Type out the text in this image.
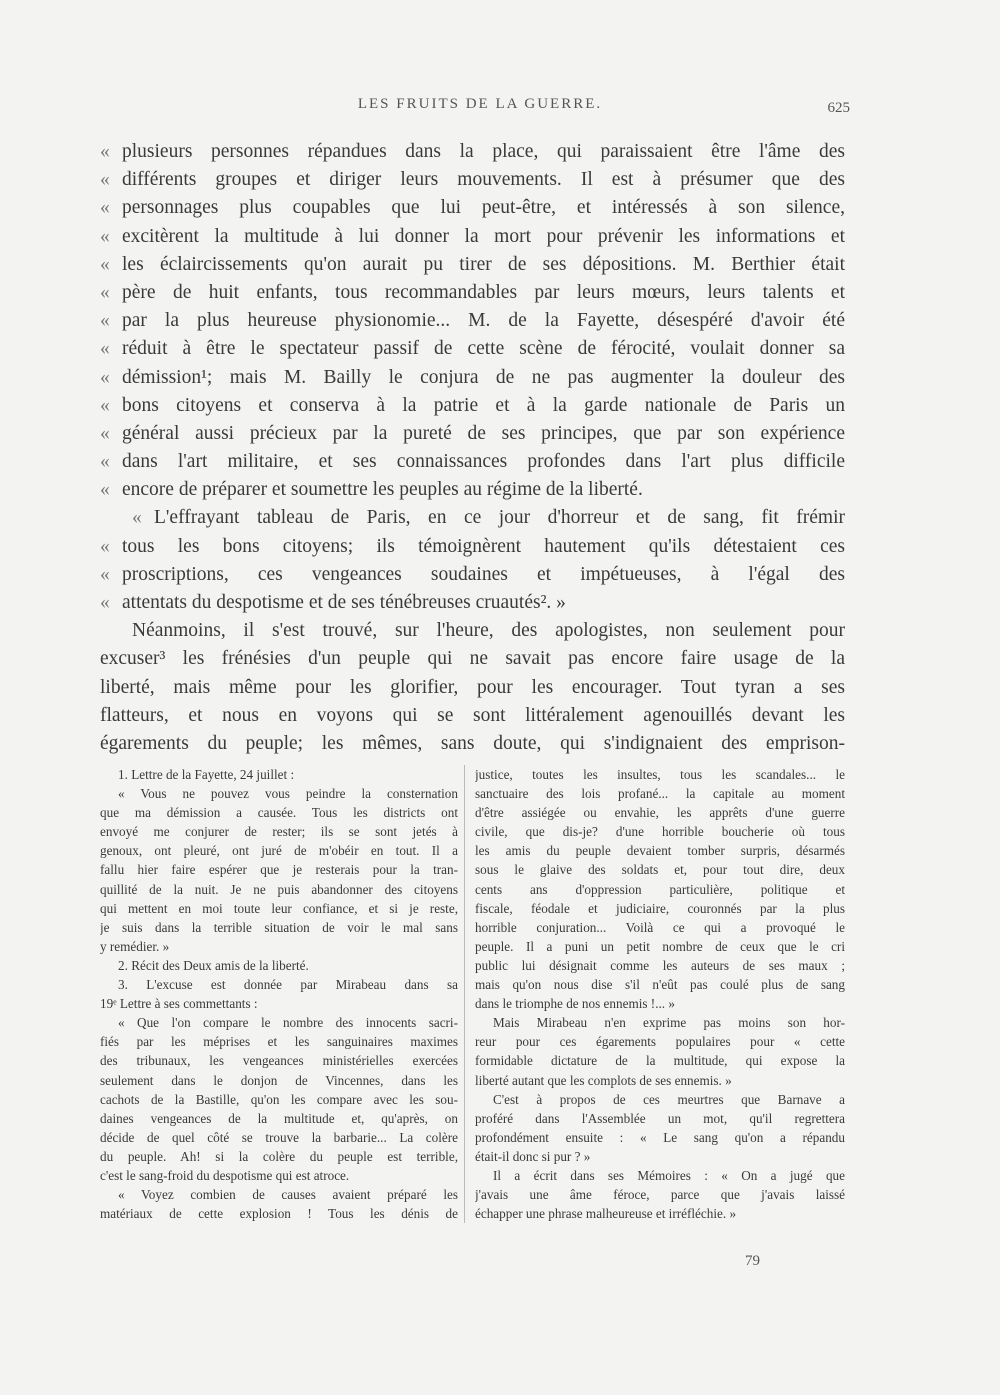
LES FRUITS DE LA GUERRE.	625
« plusieurs personnes répandues dans la place, qui paraissaient être l'âme des
« différents groupes et diriger leurs mouvements. Il est à présumer que des
« personnages plus coupables que lui peut-être, et intéressés à son silence,
« excitèrent la multitude à lui donner la mort pour prévenir les informations et
« les éclaircissements qu'on aurait pu tirer de ses dépositions. M. Berthier était
« père de huit enfants, tous recommandables par leurs mœurs, leurs talents et
« par la plus heureuse physionomie... M. de la Fayette, désespéré d'avoir été
« réduit à être le spectateur passif de cette scène de férocité, voulait donner sa
« démission¹; mais M. Bailly le conjura de ne pas augmenter la douleur des
« bons citoyens et conserva à la patrie et à la garde nationale de Paris un
« général aussi précieux par la pureté de ses principes, que par son expérience
« dans l'art militaire, et ses connaissances profondes dans l'art plus difficile
« encore de préparer et soumettre les peuples au régime de la liberté.
« L'effrayant tableau de Paris, en ce jour d'horreur et de sang, fit frémir
« tous les bons citoyens; ils témoignèrent hautement qu'ils détestaient ces
« proscriptions, ces vengeances soudaines et impétueuses, à l'égal des
« attentats du despotisme et de ses ténébreuses cruautés². »
Néanmoins, il s'est trouvé, sur l'heure, des apologistes, non seulement pour
excuser³ les frénésies d'un peuple qui ne savait pas encore faire usage de la
liberté, mais même pour les glorifier, pour les encourager. Tout tyran a ses
flatteurs, et nous en voyons qui se sont littéralement agenouillés devant les
égarements du peuple; les mêmes, sans doute, qui s'indignaient des emprison-
1. Lettre de la Fayette, 24 juillet :
« Vous ne pouvez vous peindre la consternation
que ma démission a causée. Tous les districts ont
envoyé me conjurer de rester; ils se sont jetés à
genoux, ont pleuré, ont juré de m'obéir en tout. Il a
fallu hier faire espérer que je resterais pour la tran-
quillité de la nuit. Je ne puis abandonner des citoyens
qui mettent en moi toute leur confiance, et si je reste,
je suis dans la terrible situation de voir le mal sans
y remédier. »
2. Récit des Deux amis de la liberté.
3. L'excuse est donnée par Mirabeau dans sa
19ᵉ Lettre à ses commettants :
« Que l'on compare le nombre des innocents sacri-
fiés par les méprises et les sanguinaires maximes
des tribunaux, les vengeances ministérielles exercées
seulement dans le donjon de Vincennes, dans les
cachots de la Bastille, qu'on les compare avec les sou-
daines vengeances de la multitude et, qu'après, on
décide de quel côté se trouve la barbarie... La colère
du peuple. Ah! si la colère du peuple est terrible,
c'est le sang-froid du despotisme qui est atroce.
« Voyez combien de causes avaient préparé les
matériaux de cette explosion ! Tous les dénis de
justice, toutes les insultes, tous les scandales... le
sanctuaire des lois profané... la capitale au moment
d'être assiégée ou envahie, les apprêts d'une guerre
civile, que dis-je? d'une horrible boucherie où tous
les amis du peuple devaient tomber surpris, désarmés
sous le glaive des soldats et, pour tout dire, deux
cents ans d'oppression particulière, politique et
fiscale, féodale et judiciaire, couronnés par la plus
horrible conjuration... Voilà ce qui a provoqué le
peuple. Il a puni un petit nombre de ceux que le cri
public lui désignait comme les auteurs de ses maux ;
mais qu'on nous dise s'il n'eût pas coulé plus de sang
dans le triomphe de nos ennemis !... »
Mais Mirabeau n'en exprime pas moins son hor-
reur pour ces égarements populaires pour « cette
formidable dictature de la multitude, qui expose la
liberté autant que les complots de ses ennemis. »
C'est à propos de ces meurtres que Barnave a
proféré dans l'Assemblée un mot, qu'il regrettera
profondément ensuite : « Le sang qu'on a répandu
était-il donc si pur ? »
Il a écrit dans ses Mémoires : « On a jugé que
j'avais une âme féroce, parce que j'avais laissé
échapper une phrase malheureuse et irréfléchie. »
79
